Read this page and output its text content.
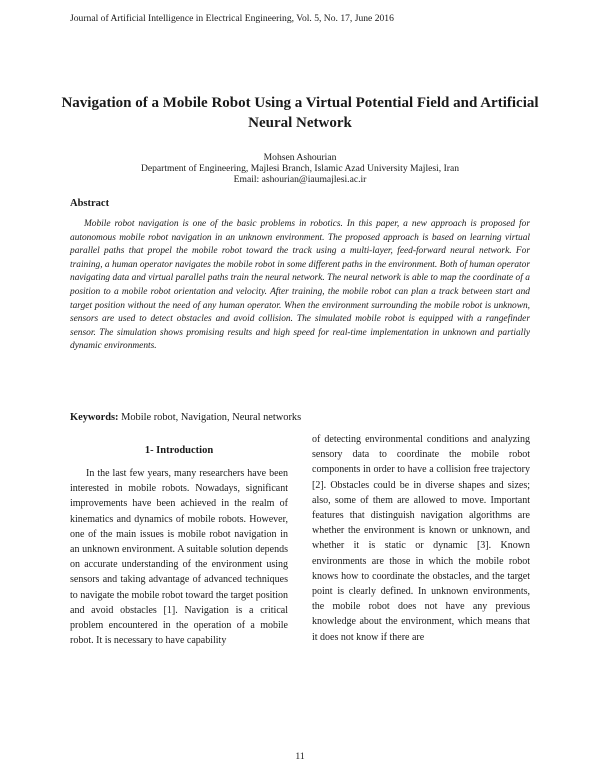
Journal of Artificial Intelligence in Electrical Engineering, Vol. 5, No. 17, June 2016
Navigation of a Mobile Robot Using a Virtual Potential Field and Artificial Neural Network
Mohsen Ashourian
Department of Engineering, Majlesi Branch, Islamic Azad University Majlesi, Iran
Email: ashourian@iaumajlesi.ac.ir
Abstract
Mobile robot navigation is one of the basic problems in robotics. In this paper, a new approach is proposed for autonomous mobile robot navigation in an unknown environment. The proposed approach is based on learning virtual parallel paths that propel the mobile robot toward the track using a multi-layer, feed-forward neural network. For training, a human operator navigates the mobile robot in some different paths in the environment. Both of human operator navigating data and virtual parallel paths train the neural network. The neural network is able to map the coordinate of a position to a mobile robot orientation and velocity. After training, the mobile robot can plan a track between start and target position without the need of any human operator. When the environment surrounding the mobile robot is unknown, sensors are used to detect obstacles and avoid collision. The simulated mobile robot is equipped with a rangefinder sensor. The simulation shows promising results and high speed for real-time implementation in unknown and partially dynamic environments.
Keywords: Mobile robot, Navigation, Neural networks
1- Introduction
In the last few years, many researchers have been interested in mobile robots. Nowadays, significant improvements have been achieved in the realm of kinematics and dynamics of mobile robots. However, one of the main issues is mobile robot navigation in an unknown environment. A suitable solution depends on accurate understanding of the environment using sensors and taking advantage of advanced techniques to navigate the mobile robot toward the target position and avoid obstacles [1]. Navigation is a critical problem encountered in the operation of a mobile robot. It is necessary to have capability
of detecting environmental conditions and analyzing sensory data to coordinate the mobile robot components in order to have a collision free trajectory [2]. Obstacles could be in diverse shapes and sizes; also, some of them are allowed to move. Important features that distinguish navigation algorithms are whether the environment is known or unknown, and whether it is static or dynamic [3]. Known environments are those in which the mobile robot knows how to coordinate the obstacles, and the target point is clearly defined. In unknown environments, the mobile robot does not have any previous knowledge about the environment, which means that it does not know if there are
11
